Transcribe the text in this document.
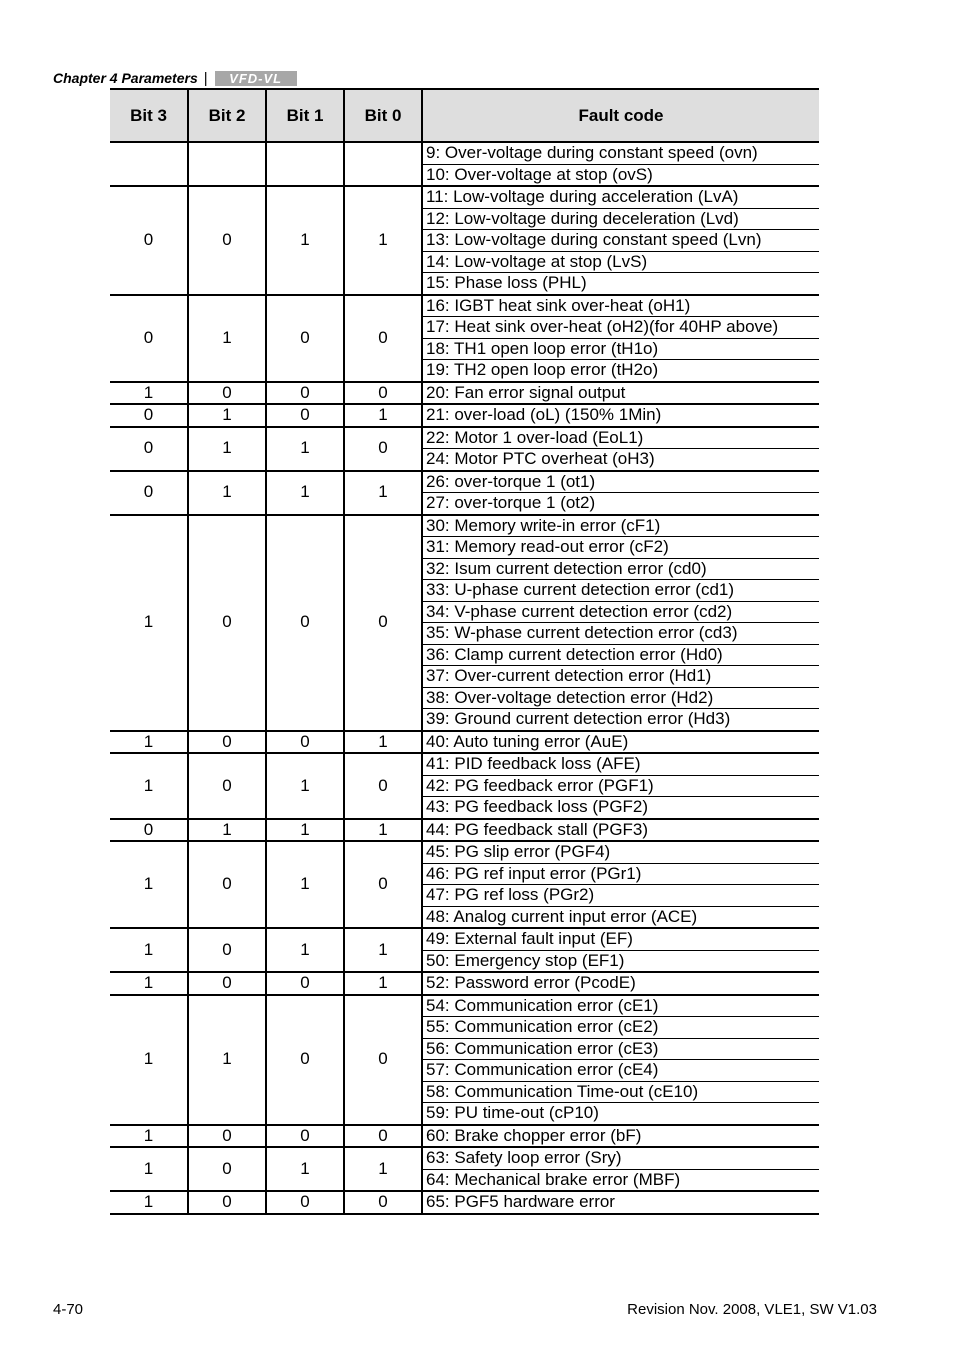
Chapter 4 Parameters |	VFD-VL
Bit 3	Bit 2	Bit 1	Bit 0	Fault code
				9: Over-voltage during constant speed (ovn)
				10: Over-voltage at stop (ovS)
0	0	1	1	11: Low-voltage during acceleration (LvA)
				12: Low-voltage during deceleration (Lvd)
				13: Low-voltage during constant speed (Lvn)
				14: Low-voltage at stop (LvS)
				15: Phase loss (PHL)
0	1	0	0	16: IGBT heat sink over-heat (oH1)
				17: Heat sink over-heat (oH2)(for 40HP above)
				18: TH1 open loop error (tH1o)
				19: TH2 open loop error (tH2o)
1	0	0	0	20: Fan error signal output
0	1	0	1	21: over-load (oL) (150% 1Min)
0	1	1	0	22: Motor 1 over-load (EoL1)
				24: Motor PTC overheat (oH3)
0	1	1	1	26: over-torque 1 (ot1)
				27: over-torque 1 (ot2)
1	0	0	0	30: Memory write-in error (cF1)
				31: Memory read-out error (cF2)
				32: Isum current detection error (cd0)
				33: U-phase current detection error (cd1)
				34: V-phase current detection error (cd2)
				35: W-phase current detection error (cd3)
				36: Clamp current detection error (Hd0)
				37: Over-current detection error (Hd1)
				38: Over-voltage detection error (Hd2)
				39: Ground current detection error (Hd3)
1	0	0	1	40: Auto tuning error (AuE)
1	0	1	0	41: PID feedback loss (AFE)
				42: PG feedback error (PGF1)
				43: PG feedback loss (PGF2)
0	1	1	1	44: PG feedback stall (PGF3)
1	0	1	0	45: PG slip error (PGF4)
				46: PG ref input error (PGr1)
				47: PG ref loss (PGr2)
				48: Analog current input error (ACE)
1	0	1	1	49: External fault input (EF)
				50: Emergency stop (EF1)
1	0	0	1	52: Password error (PcodE)
1	1	0	0	54: Communication error (cE1)
				55: Communication error (cE2)
				56: Communication error (cE3)
				57: Communication error (cE4)
				58: Communication Time-out (cE10)
				59: PU time-out (cP10)
1	0	0	0	60: Brake chopper error (bF)
1	0	1	1	63: Safety loop error (Sry)
				64: Mechanical brake error (MBF)
1	0	0	0	65: PGF5 hardware error
4-70	Revision Nov. 2008, VLE1, SW V1.03
